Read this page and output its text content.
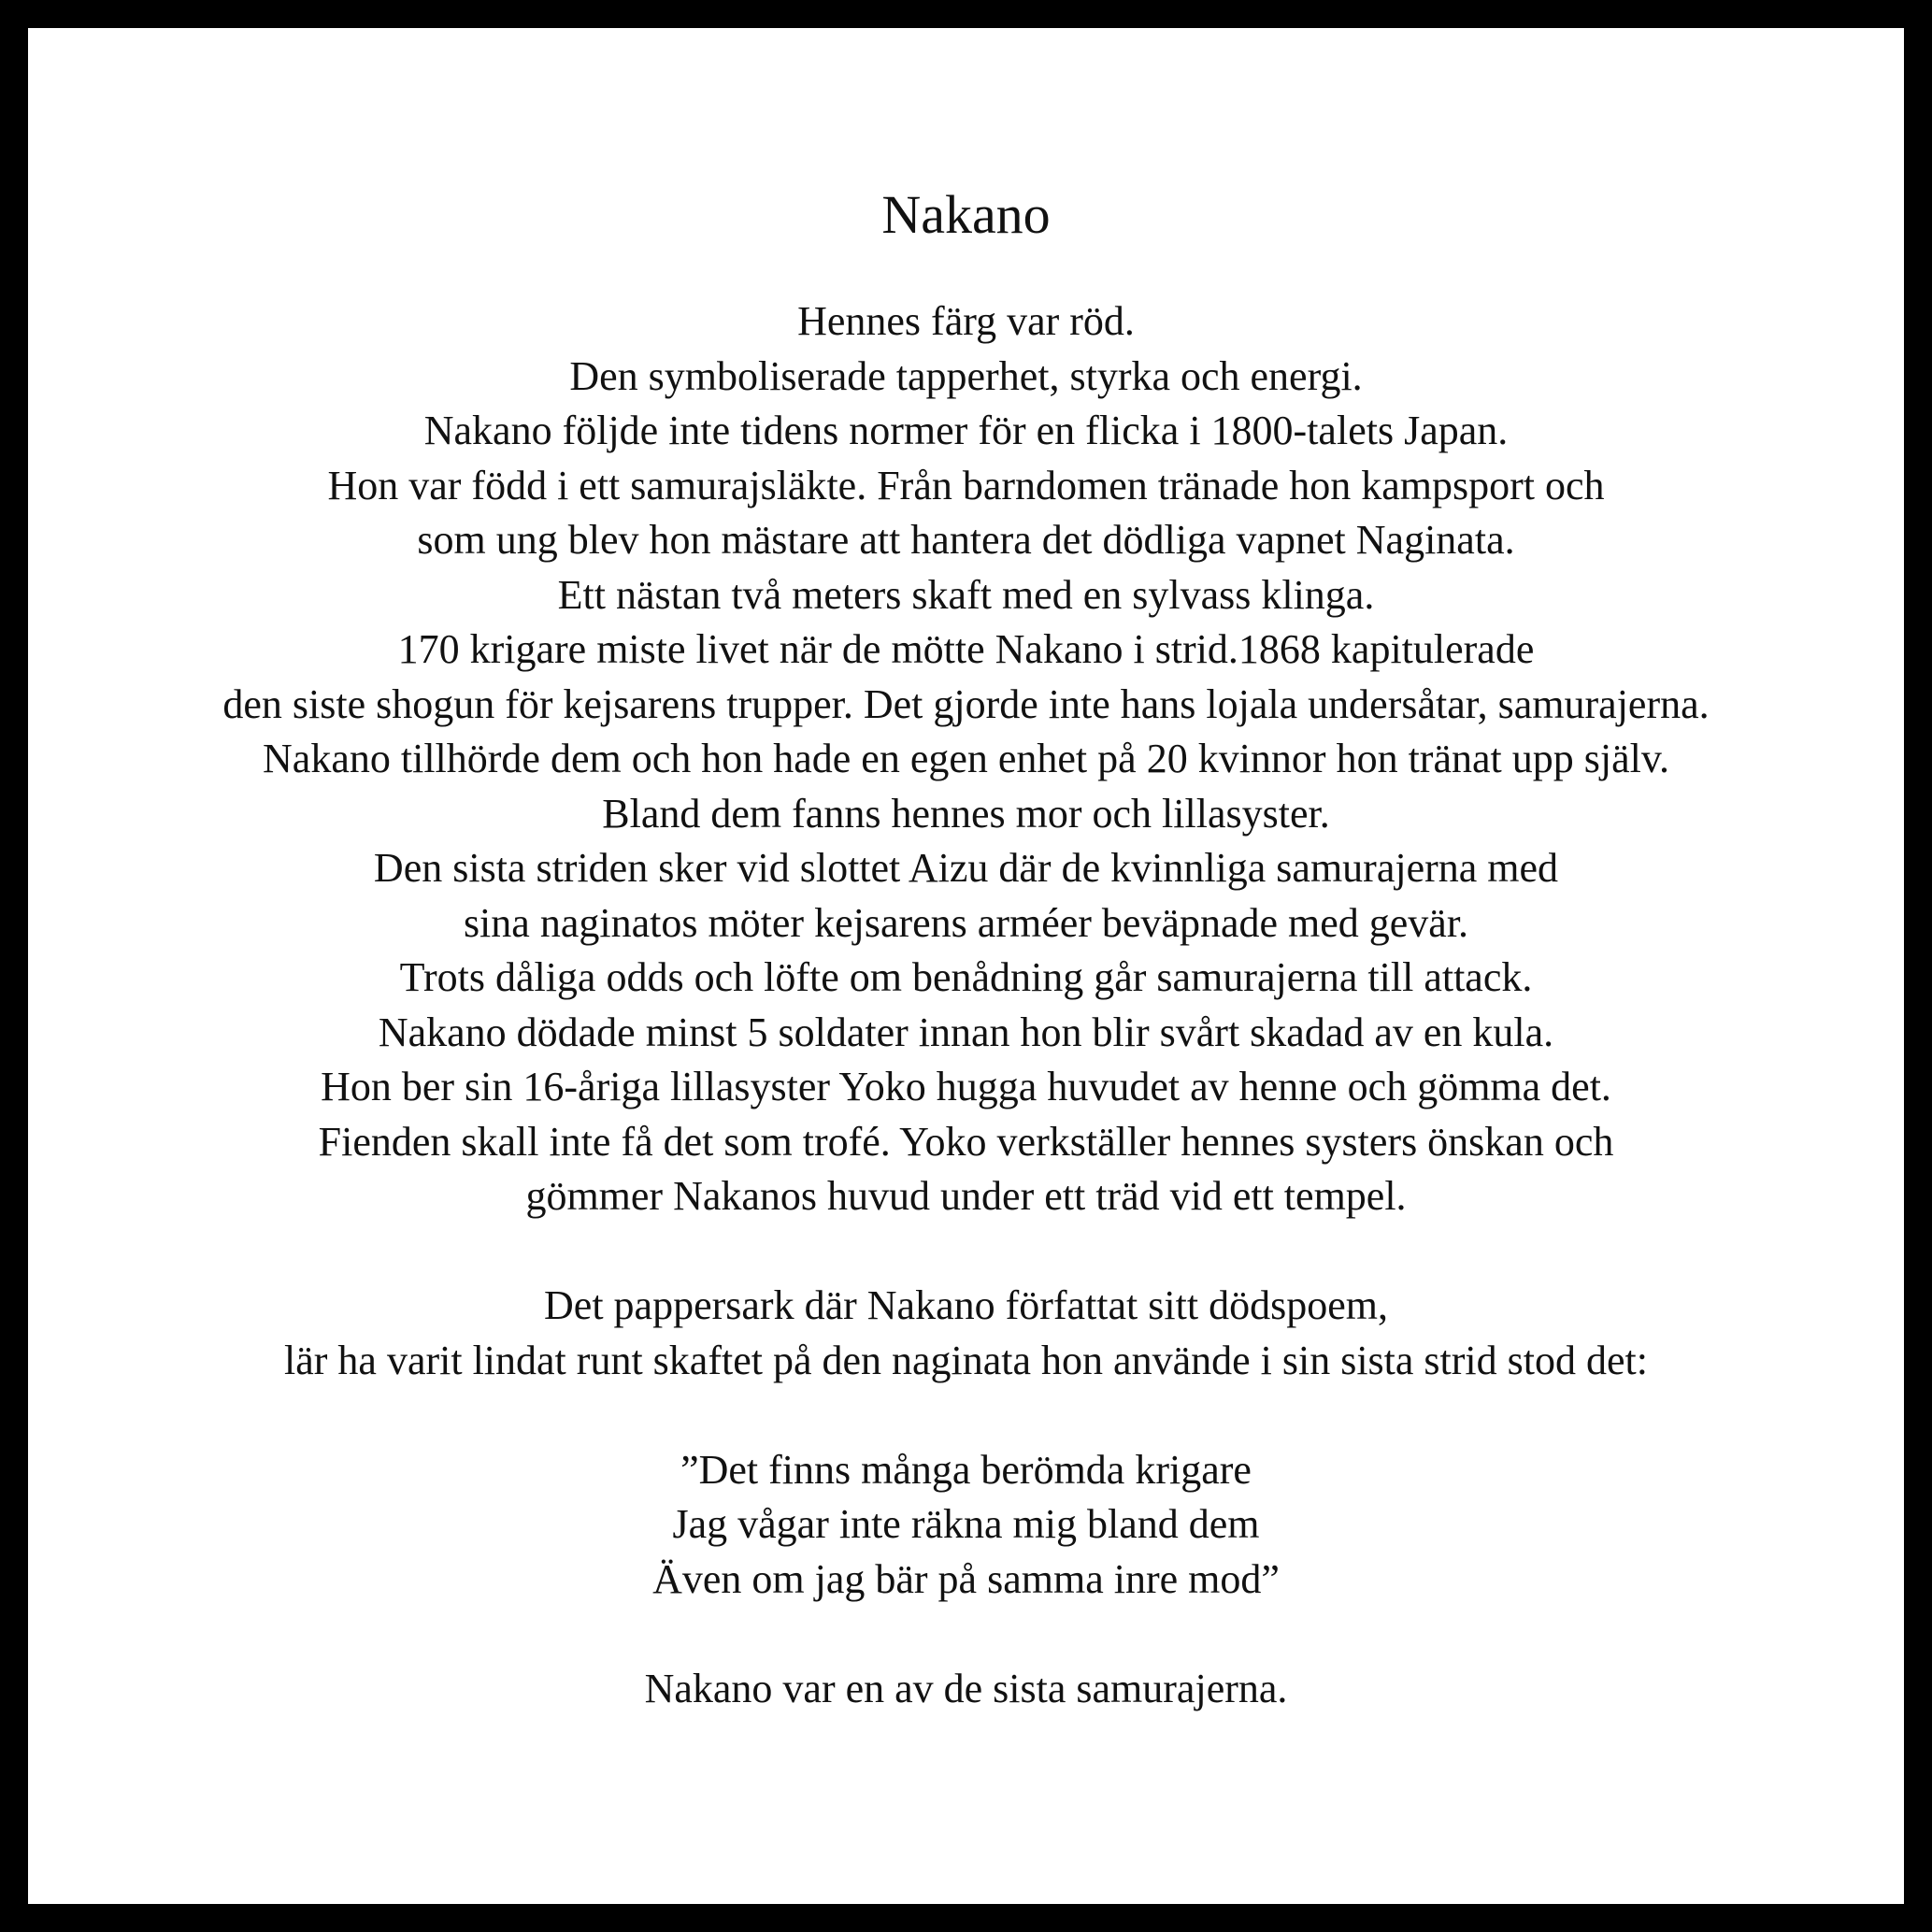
Nakano
Hennes färg var röd.
Den symboliserade tapperhet, styrka och energi.
Nakano följde inte tidens normer för en flicka i 1800-talets Japan.
Hon var född i ett samurajsläkte. Från barndomen tränade hon kampsport och
som ung blev hon mästare att hantera det dödliga vapnet Naginata.
Ett nästan två meters skaft med en sylvass klinga.
170 krigare miste livet när de mötte Nakano i strid.1868 kapitulerade
den siste shogun för kejsarens trupper. Det gjorde inte hans lojala undersåtar, samurajerna.
Nakano tillhörde dem och hon hade en egen enhet på 20 kvinnor hon tränat upp själv.
Bland dem fanns hennes mor och lillasyster.
Den sista striden sker vid slottet Aizu där de kvinnliga samurajerna med
sina naginatos möter kejsarens arméer beväpnade med gevär.
Trots dåliga odds och löfte om benådning går samurajerna till attack.
Nakano dödade minst 5 soldater innan hon blir svårt skadad av en kula.
Hon ber sin 16-åriga lillasyster Yoko hugga huvudet av henne och gömma det.
Fienden skall inte få det som trofé. Yoko verkställer hennes systers önskan och
gömmer Nakanos huvud under ett träd vid ett tempel.
Det pappersark där Nakano författat sitt dödspoem,
lär ha varit lindat runt skaftet på den naginata hon använde i sin sista strid stod det:
”Det finns många berömda krigare
Jag vågar inte räkna mig bland dem
Även om jag bär på samma inre mod”
Nakano var en av de sista samurajerna.
